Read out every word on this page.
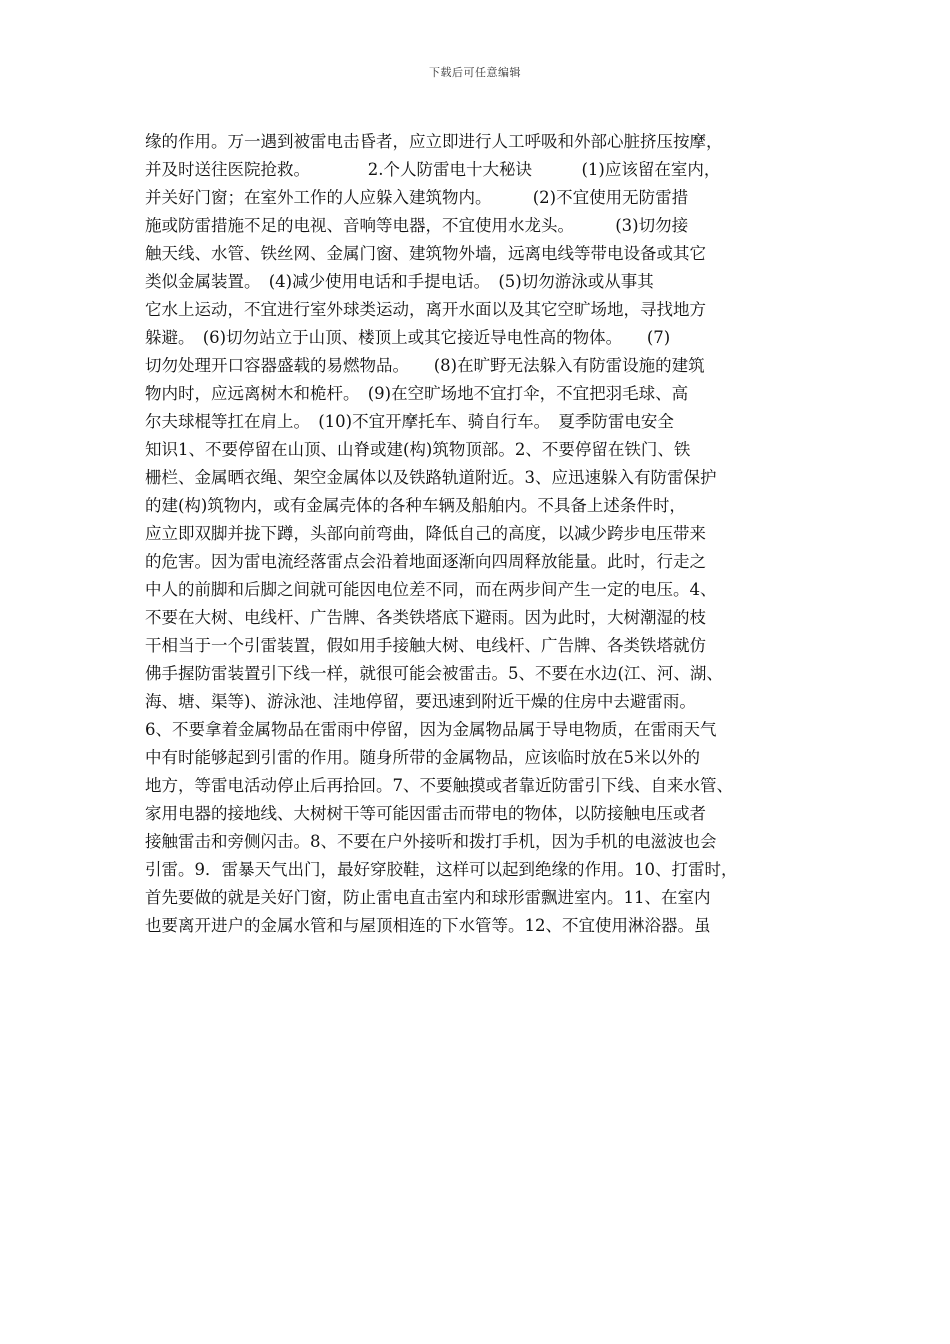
下载后可任意编辑
缘的作用。万一遇到被雷电击昏者，应立即进行人工呼吸和外部心脏挤压按摩，
并及时送往医院抢救。　　　　2.个人防雷电十大秘诀　　　(1)应该留在室内，
并关好门窗；在室外工作的人应躲入建筑物内。　　　(2)不宜使用无防雷措
施或防雷措施不足的电视、音响等电器，不宜使用水龙头。　　　(3)切勿接
触天线、水管、铁丝网、金属门窗、建筑物外墙，远离电线等带电设备或其它
类似金属装置。　(4)减少使用电话和手提电话。　(5)切勿游泳或从事其
它水上运动，不宜进行室外球类运动，离开水面以及其它空旷场地，寻找地方
躲避。　(6)切勿站立于山顶、楼顶上或其它接近导电性高的物体。　　(7)
切勿处理开口容器盛载的易燃物品。　　(8)在旷野无法躲入有防雷设施的建筑
物内时，应远离树木和桅杆。　(9)在空旷场地不宜打伞，不宜把羽毛球、高
尔夫球棍等扛在肩上。　(10)不宜开摩托车、骑自行车。　夏季防雷电安全
知识1、不要停留在山顶、山脊或建(构)筑物顶部。2、不要停留在铁门、铁
栅栏、金属晒衣绳、架空金属体以及铁路轨道附近。3、应迅速躲入有防雷保护
的建(构)筑物内，或有金属壳体的各种车辆及船舶内。不具备上述条件时，
应立即双脚并拢下蹲，头部向前弯曲，降低自己的高度，以减少跨步电压带来
的危害。因为雷电流经落雷点会沿着地面逐渐向四周释放能量。此时，行走之
中人的前脚和后脚之间就可能因电位差不同，而在两步间产生一定的电压。4、
不要在大树、电线杆、广告牌、各类铁塔底下避雨。因为此时，大树潮湿的枝
干相当于一个引雷装置，假如用手接触大树、电线杆、广告牌、各类铁塔就仿
佛手握防雷装置引下线一样，就很可能会被雷击。5、不要在水边(江、河、湖、
海、塘、渠等)、游泳池、洼地停留，要迅速到附近干燥的住房中去避雷雨。
6、不要拿着金属物品在雷雨中停留，因为金属物品属于导电物质，在雷雨天气
中有时能够起到引雷的作用。随身所带的金属物品，应该临时放在5米以外的
地方，等雷电活动停止后再拾回。7、不要触摸或者靠近防雷引下线、自来水管、
家用电器的接地线、大树树干等可能因雷击而带电的物体，以防接触电压或者
接触雷击和旁侧闪击。8、不要在户外接听和拨打手机，因为手机的电滋波也会
引雷。9．雷暴天气出门，最好穿胶鞋，这样可以起到绝缘的作用。10、打雷时，
首先要做的就是关好门窗，防止雷电直击室内和球形雷飘进室内。11、在室内
也要离开进户的金属水管和与屋顶相连的下水管等。12、不宜使用淋浴器。虽
